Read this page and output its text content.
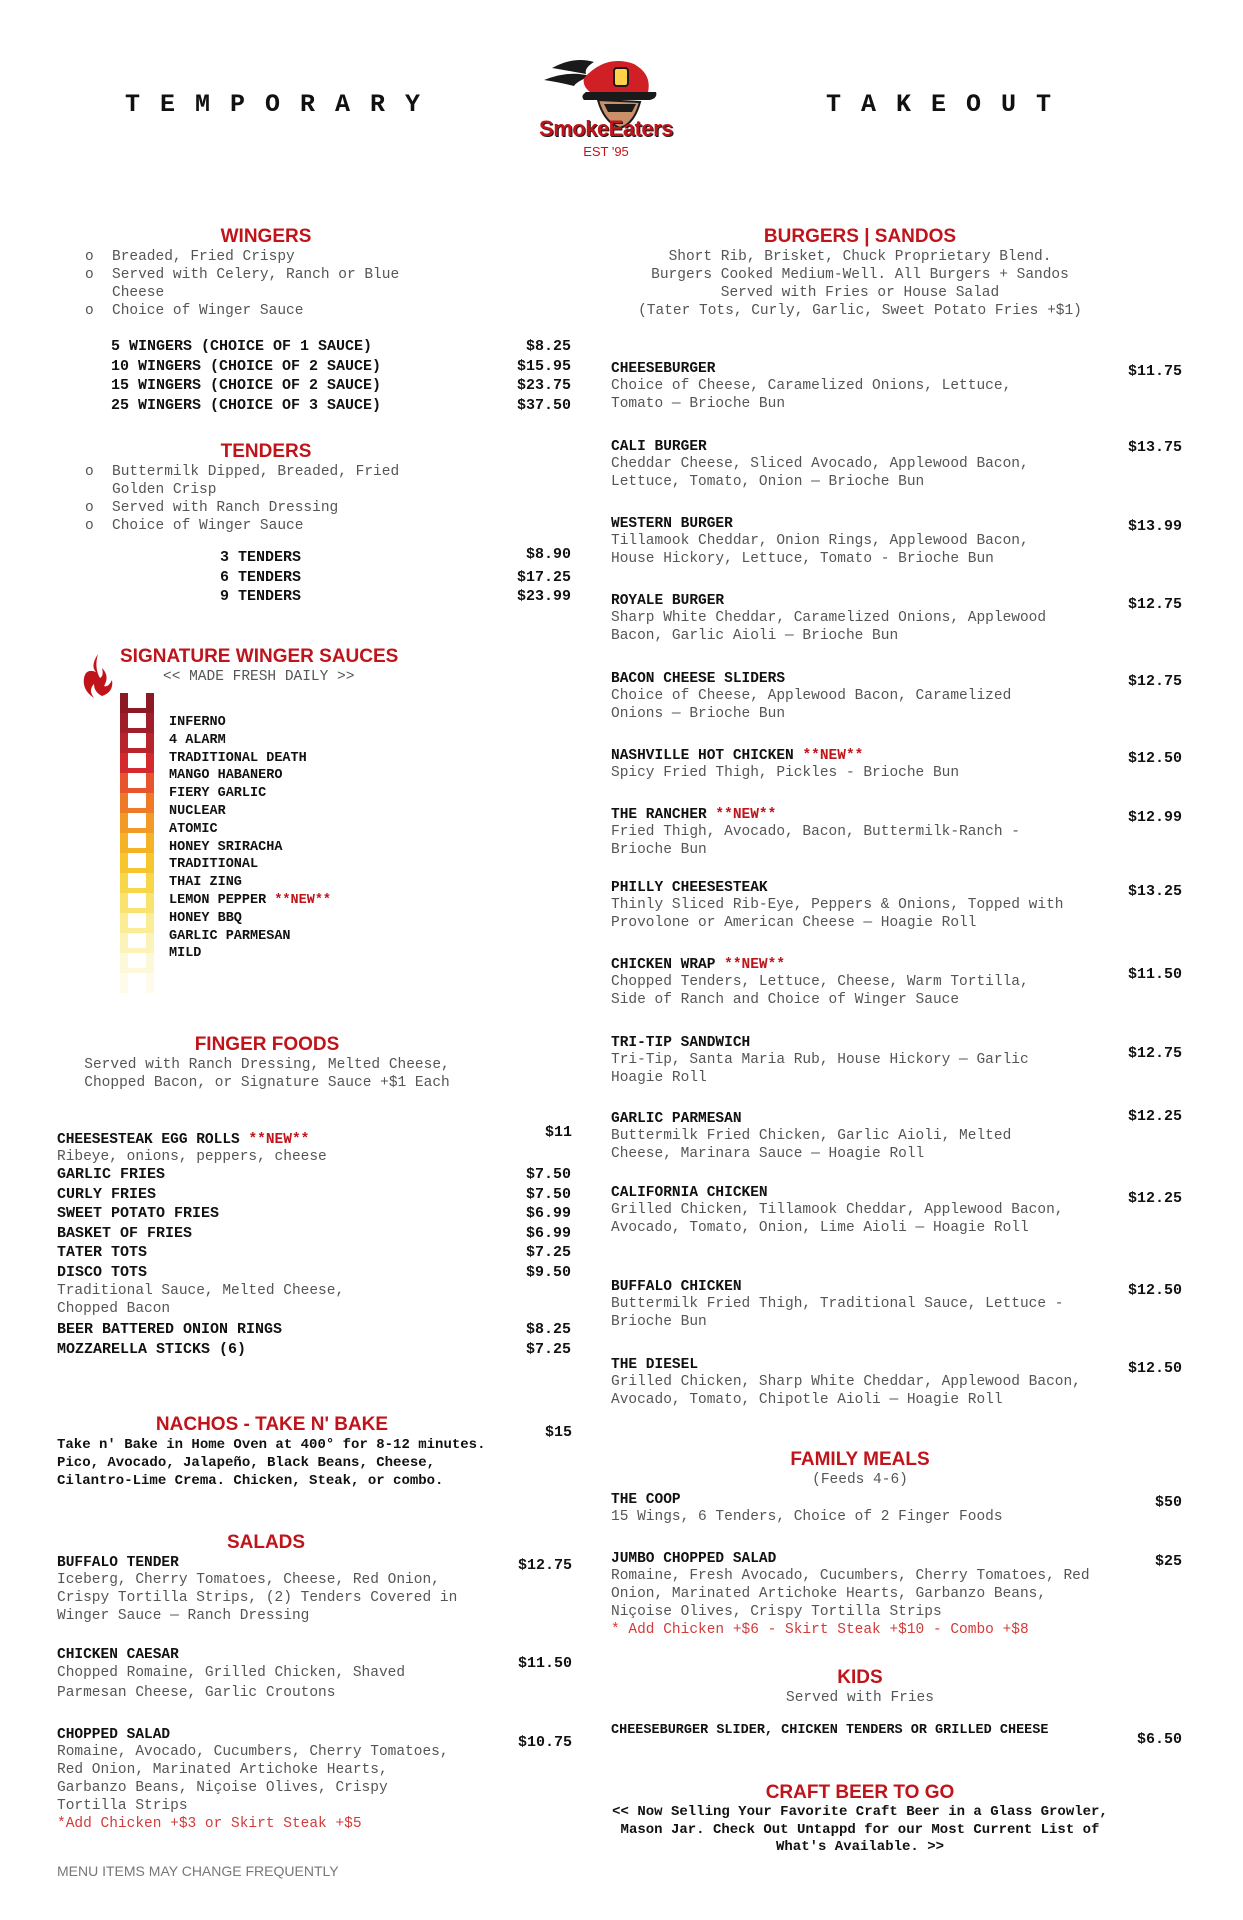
TEMPORARY	TAKEOUT
SmokeEaters
EST '95
WINGERS
o Breaded, Fried Crispy
o Served with Celery, Ranch or Blue Cheese
o Choice of Winger Sauce
5 WINGERS (CHOICE OF 1 SAUCE)	$8.25
10 WINGERS (CHOICE OF 2 SAUCE)	$15.95
15 WINGERS (CHOICE OF 2 SAUCE)	$23.75
25 WINGERS (CHOICE OF 3 SAUCE)	$37.50
TENDERS
o Buttermilk Dipped, Breaded, Fried Golden Crisp
o Served with Ranch Dressing
o Choice of Winger Sauce
3 TENDERS	$8.90
6 TENDERS	$17.25
9 TENDERS	$23.99
SIGNATURE WINGER SAUCES
<< MADE FRESH DAILY >>
INFERNO
4 ALARM
TRADITIONAL DEATH
MANGO HABANERO
FIERY GARLIC
NUCLEAR
ATOMIC
HONEY SRIRACHA
TRADITIONAL
THAI ZING
LEMON PEPPER **NEW**
HONEY BBQ
GARLIC PARMESAN
MILD
FINGER FOODS
Served with Ranch Dressing, Melted Cheese, Chopped Bacon, or Signature Sauce +$1 Each
CHEESESTEAK EGG ROLLS **NEW**
Ribeye, onions, peppers, cheese
$11
GARLIC FRIES	$7.50
CURLY FRIES	$7.50
SWEET POTATO FRIES	$6.99
BASKET OF FRIES	$6.99
TATER TOTS	$7.25
DISCO TOTS	$9.50
Traditional Sauce, Melted Cheese, Chopped Bacon
BEER BATTERED ONION RINGS	$8.25
MOZZARELLA STICKS (6)	$7.25
NACHOS - TAKE N' BAKE	$15
Take n' Bake in Home Oven at 400° for 8-12 minutes. Pico, Avocado, Jalapeño, Black Beans, Cheese, Cilantro-Lime Crema. Chicken, Steak, or combo.
SALADS
BUFFALO TENDER
Iceberg, Cherry Tomatoes, Cheese, Red Onion, Crispy Tortilla Strips, (2) Tenders Covered in Winger Sauce — Ranch Dressing
$12.75
CHICKEN CAESAR
Chopped Romaine, Grilled Chicken, Shaved Parmesan Cheese, Garlic Croutons
$11.50
CHOPPED SALAD
Romaine, Avocado, Cucumbers, Cherry Tomatoes, Red Onion, Marinated Artichoke Hearts, Garbanzo Beans, Niçoise Olives, Crispy Tortilla Strips
*Add Chicken +$3 or Skirt Steak +$5
$10.75
MENU ITEMS MAY CHANGE FREQUENTLY
BURGERS | SANDOS
Short Rib, Brisket, Chuck Proprietary Blend.
Burgers Cooked Medium-Well. All Burgers + Sandos
Served with Fries or House Salad
(Tater Tots, Curly, Garlic, Sweet Potato Fries +$1)
CHEESEBURGER
Choice of Cheese, Caramelized Onions, Lettuce, Tomato — Brioche Bun
$11.75
CALI BURGER
Cheddar Cheese, Sliced Avocado, Applewood Bacon, Lettuce, Tomato, Onion — Brioche Bun
$13.75
WESTERN BURGER
Tillamook Cheddar, Onion Rings, Applewood Bacon, House Hickory, Lettuce, Tomato - Brioche Bun
$13.99
ROYALE BURGER
Sharp White Cheddar, Caramelized Onions, Applewood Bacon, Garlic Aioli — Brioche Bun
$12.75
BACON CHEESE SLIDERS
Choice of Cheese, Applewood Bacon, Caramelized Onions — Brioche Bun
$12.75
NASHVILLE HOT CHICKEN **NEW**
Spicy Fried Thigh, Pickles - Brioche Bun
$12.50
THE RANCHER **NEW**
Fried Thigh, Avocado, Bacon, Buttermilk-Ranch - Brioche Bun
$12.99
PHILLY CHEESESTEAK
Thinly Sliced Rib-Eye, Peppers & Onions, Topped with Provolone or American Cheese — Hoagie Roll
$13.25
CHICKEN WRAP **NEW**
Chopped Tenders, Lettuce, Cheese, Warm Tortilla, Side of Ranch and Choice of Winger Sauce
$11.50
TRI-TIP SANDWICH
Tri-Tip, Santa Maria Rub, House Hickory — Garlic Hoagie Roll
$12.75
GARLIC PARMESAN
Buttermilk Fried Chicken, Garlic Aioli, Melted Cheese, Marinara Sauce — Hoagie Roll
$12.25
CALIFORNIA CHICKEN
Grilled Chicken, Tillamook Cheddar, Applewood Bacon, Avocado, Tomato, Onion, Lime Aioli — Hoagie Roll
$12.25
BUFFALO CHICKEN
Buttermilk Fried Thigh, Traditional Sauce, Lettuce - Brioche Bun
$12.50
THE DIESEL
Grilled Chicken, Sharp White Cheddar, Applewood Bacon, Avocado, Tomato, Chipotle Aioli — Hoagie Roll
$12.50
FAMILY MEALS
(Feeds 4-6)
THE COOP
15 Wings, 6 Tenders, Choice of 2 Finger Foods
$50
JUMBO CHOPPED SALAD
Romaine, Fresh Avocado, Cucumbers, Cherry Tomatoes, Red Onion, Marinated Artichoke Hearts, Garbanzo Beans, Niçoise Olives, Crispy Tortilla Strips
* Add Chicken +$6 - Skirt Steak +$10 - Combo +$8
$25
KIDS
Served with Fries
CHEESEBURGER SLIDER, CHICKEN TENDERS OR GRILLED CHEESE
$6.50
CRAFT BEER TO GO
<< Now Selling Your Favorite Craft Beer in a Glass Growler, Mason Jar. Check Out Untappd for our Most Current List of What's Available. >>
